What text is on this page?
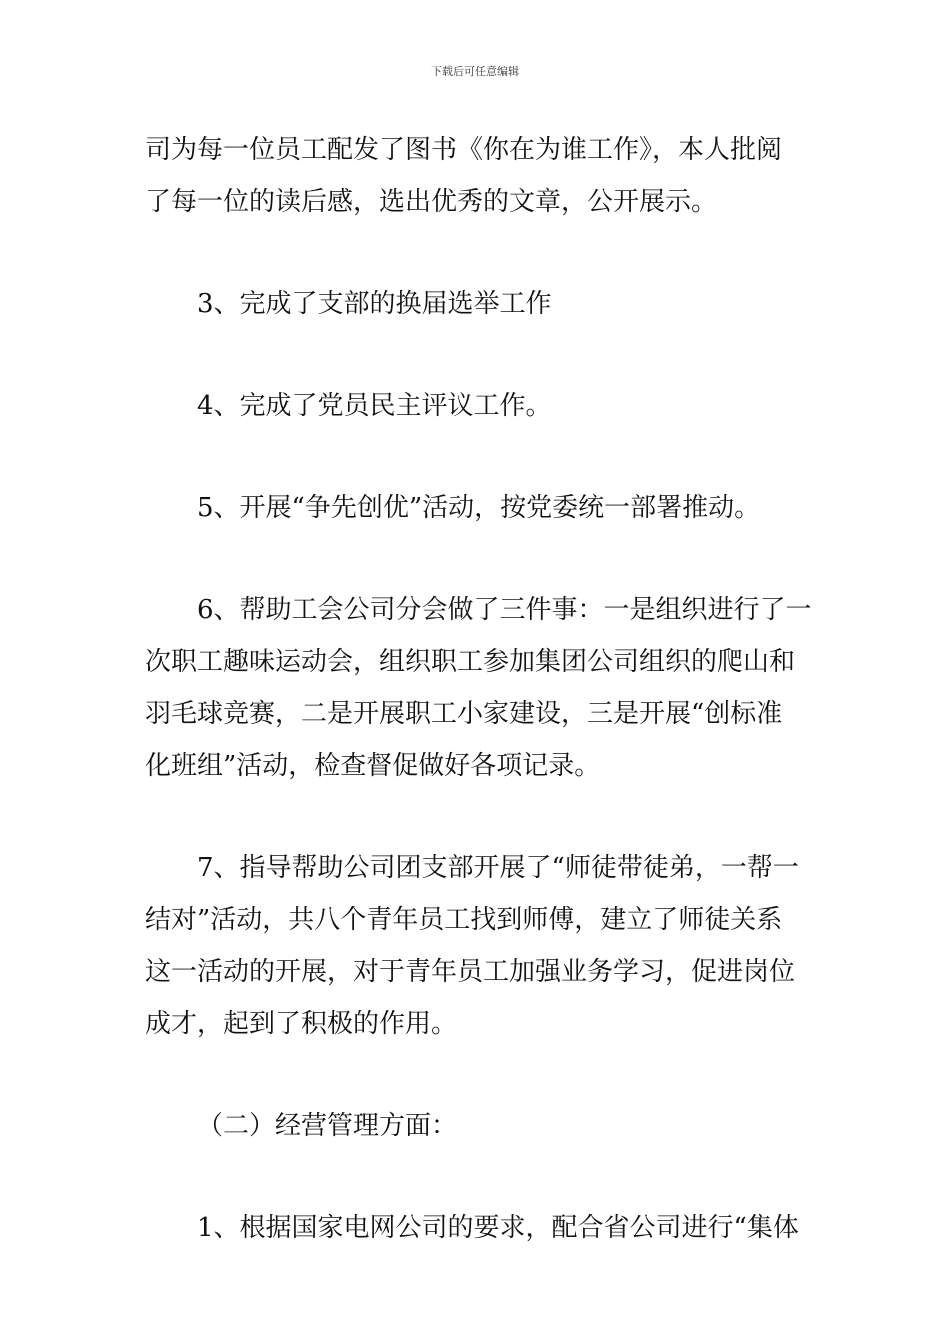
下载后可任意编辑

司为每一位员工配发了图书《你在为谁工作》，本人批阅
了每一位的读后感，选出优秀的文章，公开展示。

3、完成了支部的换届选举工作

4、完成了党员民主评议工作。

5、开展“争先创优”活动，按党委统一部署推动。

6、帮助工会公司分会做了三件事：一是组织进行了一
次职工趣味运动会，组织职工参加集团公司组织的爬山和
羽毛球竞赛，二是开展职工小家建设，三是开展“创标准
化班组”活动，检查督促做好各项记录。

7、指导帮助公司团支部开展了“师徒带徒弟，一帮一
结对”活动，共八个青年员工找到师傅，建立了师徒关系
这一活动的开展，对于青年员工加强业务学习，促进岗位
成才，起到了积极的作用。

（二）经营管理方面：

1、根据国家电网公司的要求，配合省公司进行“集体
